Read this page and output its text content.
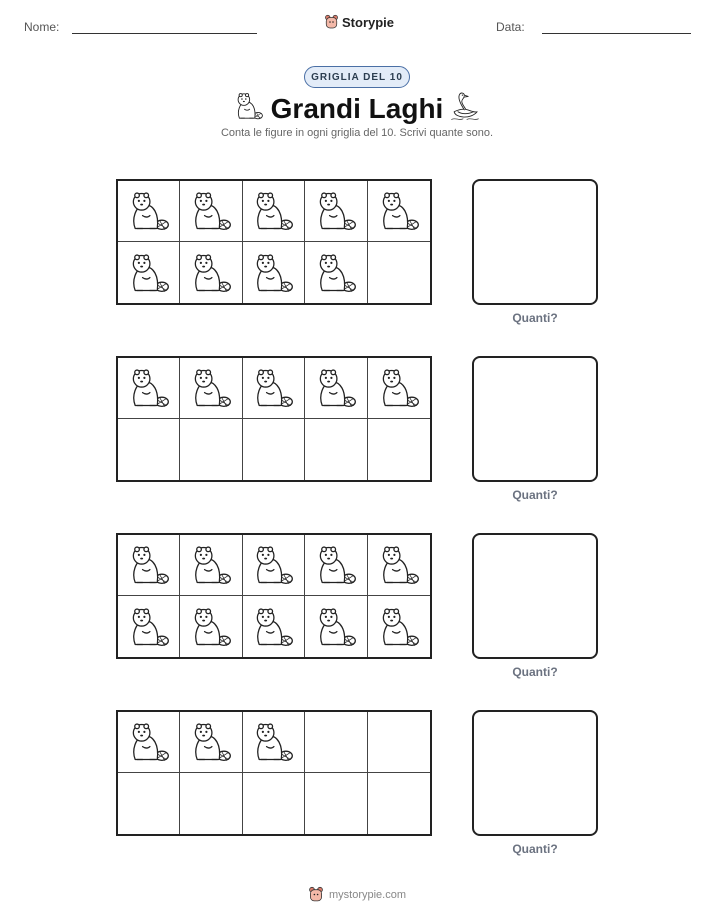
Nome:	Storypie	Data:
GRIGLIA DEL 10
Grandi Laghi
Conta le figure in ogni griglia del 10. Scrivi quante sono.
Quanti?
Quanti?
Quanti?
Quanti?
mystorypie.com
